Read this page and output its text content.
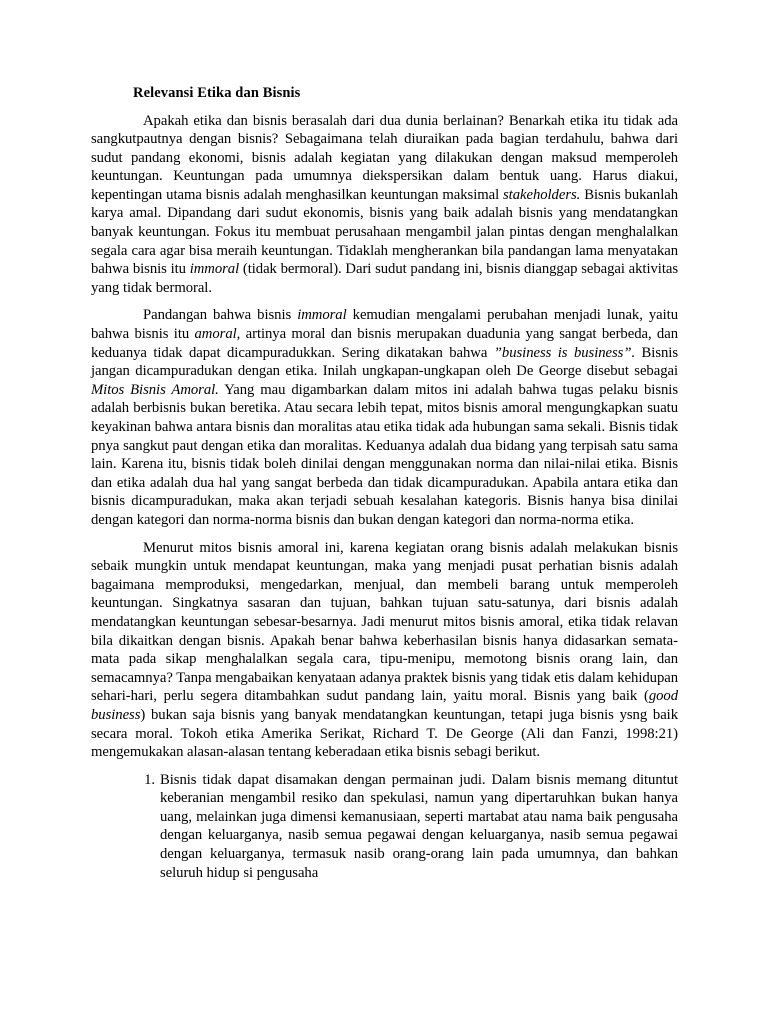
Relevansi Etika dan Bisnis

Apakah etika dan bisnis berasalah dari dua dunia berlainan? Benarkah etika itu tidak ada sangkutpautnya dengan bisnis? Sebagaimana telah diuraikan pada bagian terdahulu, bahwa dari sudut pandang ekonomi, bisnis adalah kegiatan yang dilakukan dengan maksud memperoleh keuntungan. Keuntungan pada umumnya diekspersikan dalam bentuk uang. Harus diakui, kepentingan utama bisnis adalah menghasilkan keuntungan maksimal stakeholders. Bisnis bukanlah karya amal. Dipandang dari sudut ekonomis, bisnis yang baik adalah bisnis yang mendatangkan banyak keuntungan. Fokus itu membuat perusahaan mengambil jalan pintas dengan menghalalkan segala cara agar bisa meraih keuntungan. Tidaklah mengherankan bila pandangan lama menyatakan bahwa bisnis itu immoral (tidak bermoral). Dari sudut pandang ini, bisnis dianggap sebagai aktivitas yang tidak bermoral.

Pandangan bahwa bisnis immoral kemudian mengalami perubahan menjadi lunak, yaitu bahwa bisnis itu amoral, artinya moral dan bisnis merupakan duadunia yang sangat berbeda, dan keduanya tidak dapat dicampuradukkan. Sering dikatakan bahwa ”business is business”. Bisnis jangan dicampuradukan dengan etika. Inilah ungkapan-ungkapan oleh De George disebut sebagai Mitos Bisnis Amoral. Yang mau digambarkan dalam mitos ini adalah bahwa tugas pelaku bisnis adalah berbisnis bukan beretika. Atau secara lebih tepat, mitos bisnis amoral mengungkapkan suatu keyakinan bahwa antara bisnis dan moralitas atau etika tidak ada hubungan sama sekali. Bisnis tidak pnya sangkut paut dengan etika dan moralitas. Keduanya adalah dua bidang yang terpisah satu sama lain. Karena itu, bisnis tidak boleh dinilai dengan menggunakan norma dan nilai-nilai etika. Bisnis dan etika adalah dua hal yang sangat berbeda dan tidak dicampuradukan. Apabila antara etika dan bisnis dicampuradukan, maka akan terjadi sebuah kesalahan kategoris. Bisnis hanya bisa dinilai dengan kategori dan norma-norma bisnis dan bukan dengan kategori dan norma-norma etika.

Menurut mitos bisnis amoral ini, karena kegiatan orang bisnis adalah melakukan bisnis sebaik mungkin untuk mendapat keuntungan, maka yang menjadi pusat perhatian bisnis adalah bagaimana memproduksi, mengedarkan, menjual, dan membeli barang untuk memperoleh keuntungan. Singkatnya sasaran dan tujuan, bahkan tujuan satu-satunya, dari bisnis adalah mendatangkan keuntungan sebesar-besarnya. Jadi menurut mitos bisnis amoral, etika tidak relavan bila dikaitkan dengan bisnis. Apakah benar bahwa keberhasilan bisnis hanya didasarkan semata-mata pada sikap menghalalkan segala cara, tipu-menipu, memotong bisnis orang lain, dan semacamnya? Tanpa mengabaikan kenyataan adanya praktek bisnis yang tidak etis dalam kehidupan sehari-hari, perlu segera ditambahkan sudut pandang lain, yaitu moral. Bisnis yang baik (good business) bukan saja bisnis yang banyak mendatangkan keuntungan, tetapi juga bisnis ysng baik secara moral. Tokoh etika Amerika Serikat, Richard T. De George (Ali dan Fanzi, 1998:21) mengemukakan alasan-alasan tentang keberadaan etika bisnis sebagi berikut.

1. Bisnis tidak dapat disamakan dengan permainan judi. Dalam bisnis memang dituntut keberanian mengambil resiko dan spekulasi, namun yang dipertaruhkan bukan hanya uang, melainkan juga dimensi kemanusiaan, seperti martabat atau nama baik pengusaha dengan keluarganya, nasib semua pegawai dengan keluarganya, nasib semua pegawai dengan keluarganya, termasuk nasib orang-orang lain pada umumnya, dan bahkan seluruh hidup si pengusaha
